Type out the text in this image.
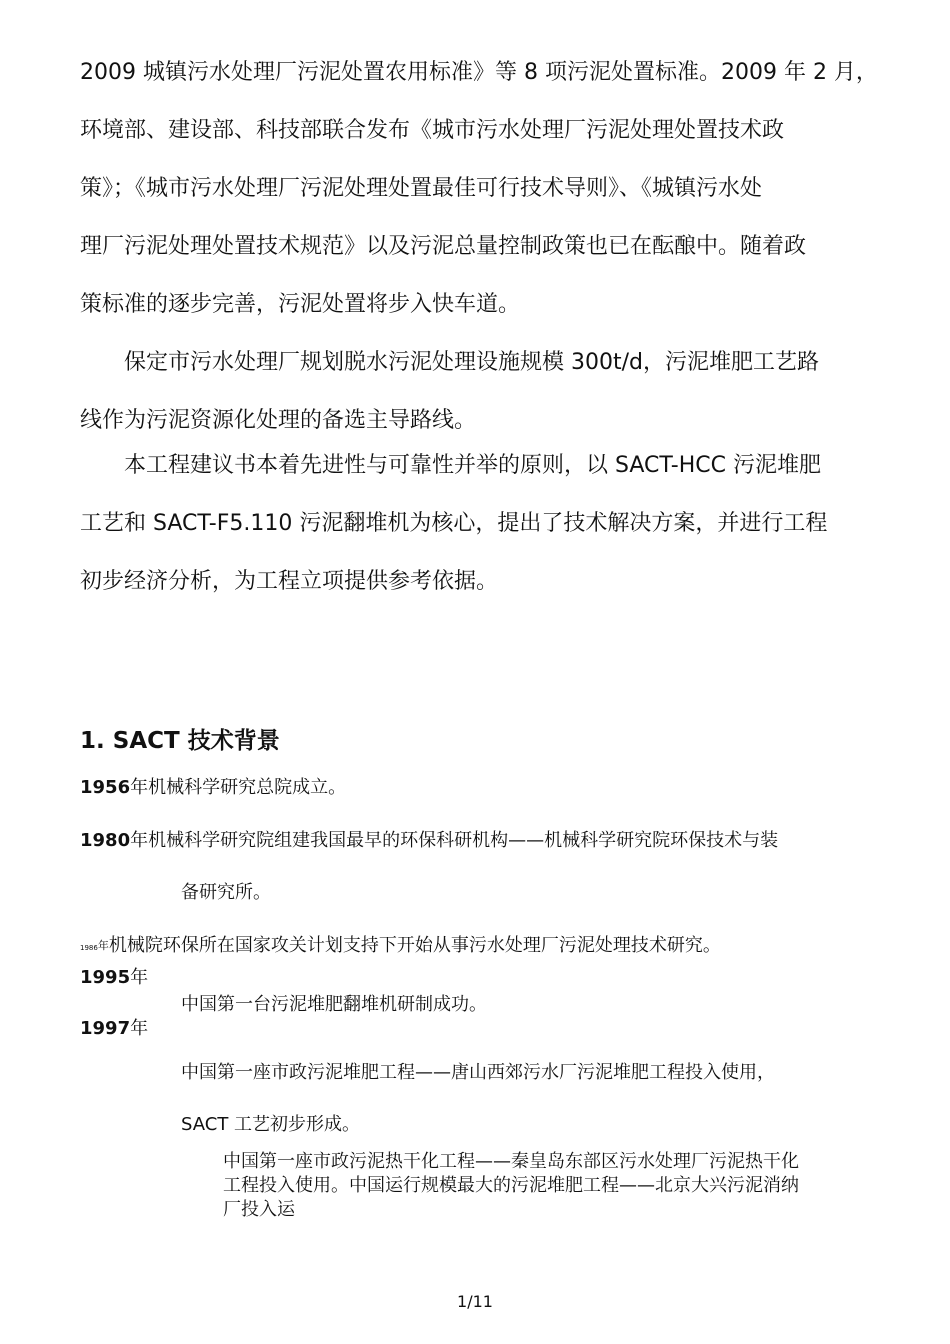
2009 城镇污水处理厂污泥处置农用标准》等 8 项污泥处置标准。2009 年 2 月，
环境部、建设部、科技部联合发布《城市污水处理厂污泥处理处置技术政
策》；《城市污水处理厂污泥处理处置最佳可行技术导则》、《城镇污水处
理厂污泥处理处置技术规范》以及污泥总量控制政策也已在酝酿中。随着政
策标准的逐步完善，污泥处置将步入快车道。

　　保定市污水处理厂规划脱水污泥处理设施规模 300t/d，污泥堆肥工艺路
线作为污泥资源化处理的备选主导路线。

　　本工程建议书本着先进性与可靠性并举的原则，以 SACT-HCC 污泥堆肥
工艺和 SACT-F5.110 污泥翻堆机为核心，提出了技术解决方案，并进行工程
初步经济分析，为工程立项提供参考依据。

1. SACT 技术背景

1956年机械科学研究总院成立。

1980年机械科学研究院组建我国最早的环保科研机构——机械科学研究院环保技术与装

备研究所。

$^{1986年}$机械院环保所在国家攻关计划支持下开始从事污水处理厂污泥处理技术研究。

1995年

中国第一台污泥堆肥翻堆机研制成功。

1997年

中国第一座市政污泥堆肥工程——唐山西郊污水厂污泥堆肥工程投入使用，

SACT 工艺初步形成。

中国第一座市政污泥热干化工程——秦皇岛东部区污水处理厂污泥热干化
工程投入使用。中国运行规模最大的污泥堆肥工程——北京大兴污泥消纳
厂投入运

1/11
